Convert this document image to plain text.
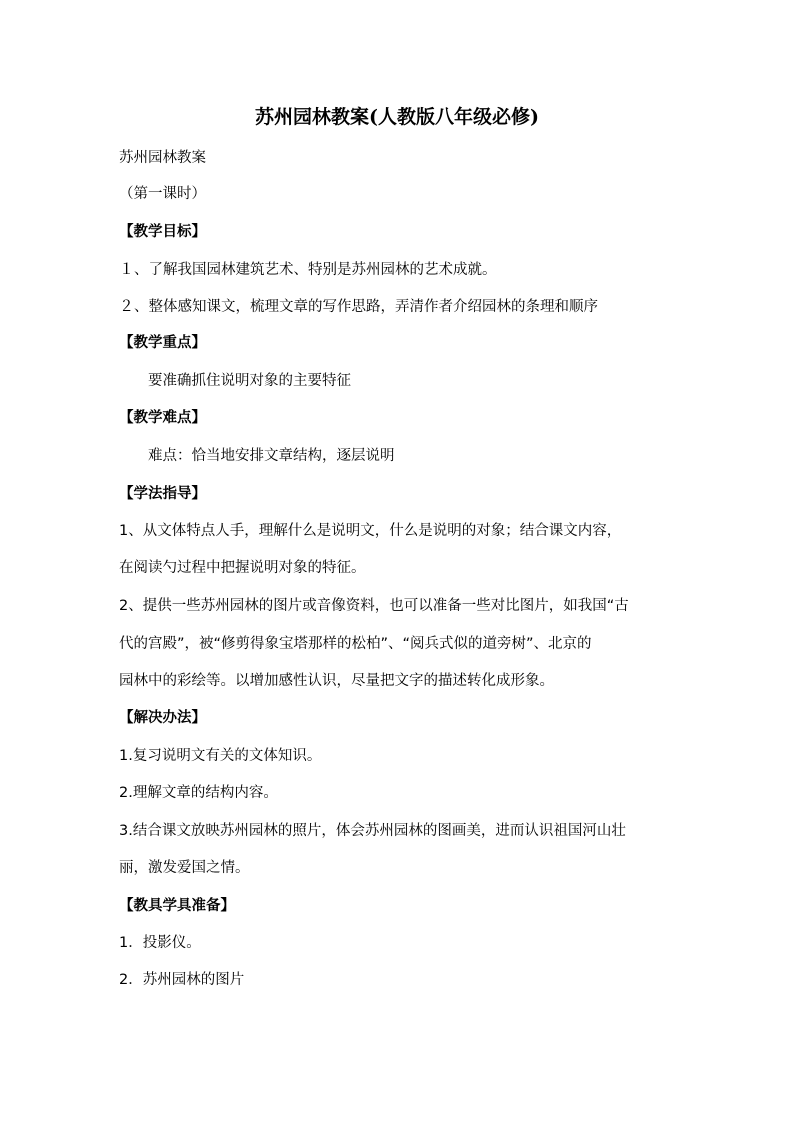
苏州园林教案(人教版八年级必修)
苏州园林教案
（第一课时）
【教学目标】
１、了解我国园林建筑艺术、特别是苏州园林的艺术成就。
２、整体感知课文，梳理文章的写作思路，弄清作者介绍园林的条理和顺序
【教学重点】
要准确抓住说明对象的主要特征
【教学难点】
难点：恰当地安排文章结构，逐层说明
【学法指导】
1、从文体特点人手，理解什么是说明文，什么是说明的对象；结合课文内容，
在阅读勺过程中把握说明对象的特征。
2、提供一些苏州园林的图片或音像资料，也可以准备一些对比图片，如我国“古
代的宫殿”，被“修剪得象宝塔那样的松柏”、“阅兵式似的道旁树”、北京的
园林中的彩绘等。以增加感性认识，尽量把文字的描述转化成形象。
【解决办法】
1.复习说明文有关的文体知识。
2.理解文章的结构内容。
3.结合课文放映苏州园林的照片，体会苏州园林的图画美，进而认识祖国河山壮
丽，激发爱国之情。
【教具学具准备】
1．投影仪。
2．苏州园林的图片
